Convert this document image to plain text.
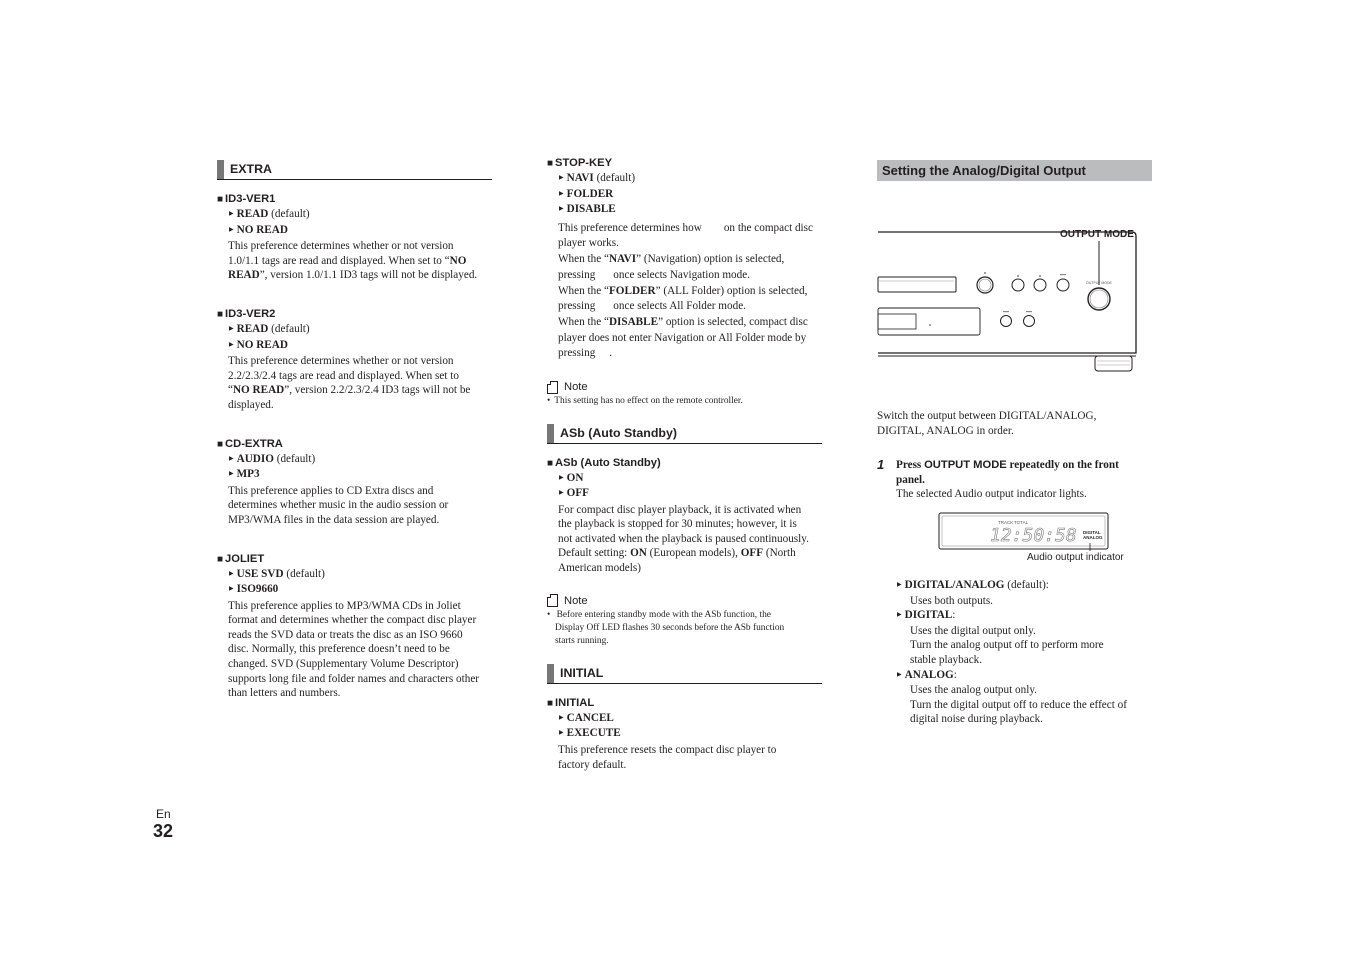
EXTRA
■ ID3-VER1
▶ READ (default)
▶ NO READ

This preference determines whether or not version
1.0/1.1 tags are read and displayed. When set to “NO
READ”, version 1.0/1.1 ID3 tags will not be displayed.

■ ID3-VER2
▶ READ (default)
▶ NO READ

This preference determines whether or not version
2.2/2.3/2.4 tags are read and displayed. When set to
“NO READ”, version 2.2/2.3/2.4 ID3 tags will not be
displayed.

■ CD-EXTRA
▶ AUDIO (default)
▶ MP3

This preference applies to CD Extra discs and
determines whether music in the audio session or
MP3/WMA files in the data session are played.

■ JOLIET
▶ USE SVD (default)
▶ ISO9660

This preference applies to MP3/WMA CDs in Joliet
format and determines whether the compact disc player
reads the SVD data or treats the disc as an ISO 9660
disc. Normally, this preference doesn’t need to be
changed. SVD (Supplementary Volume Descriptor)
supports long file and folder names and characters other
than letters and numbers.

■ STOP-KEY
▶ NAVI (default)
▶ FOLDER
▶ DISABLE

This preference determines how on the compact disc
player works.
When the “NAVI” (Navigation) option is selected,
pressing once selects Navigation mode.
When the “FOLDER” (ALL Folder) option is selected,
pressing once selects All Folder mode.
When the “DISABLE” option is selected, compact disc
player does not enter Navigation or All Folder mode by
pressing .

Note
• This setting has no effect on the remote controller.
ASb (Auto Standby)
■ ASb (Auto Standby)
▶ ON
▶ OFF

For compact disc player playback, it is activated when
the playback is stopped for 30 minutes; however, it is
not activated when the playback is paused continuously.
Default setting: ON (European models), OFF (North
American models)

Note
• Before entering standby mode with the ASb function, the
Display Off LED flashes 30 seconds before the ASb function
starts running.
INITIAL
■ INITIAL
▶ CANCEL
▶ EXECUTE

This preference resets the compact disc player to
factory default.

Setting the Analog/Digital Output
OUTPUT MODE
OUTPUT MODE

Switch the output between DIGITAL/ANALOG,
DIGITAL, ANALOG in order.

1 Press OUTPUT MODE repeatedly on the front
panel.
The selected Audio output indicator lights.
TRACK TOTAL
12:50:58 DIGITAL
ANALOG
Audio output indicator
▶ DIGITAL/ANALOG (default):
Uses both outputs.
▶ DIGITAL:
Uses the digital output only.
Turn the analog output off to perform more
stable playback.
▶ ANALOG:
Uses the analog output only.
Turn the digital output off to reduce the effect of
digital noise during playback.
En
32
